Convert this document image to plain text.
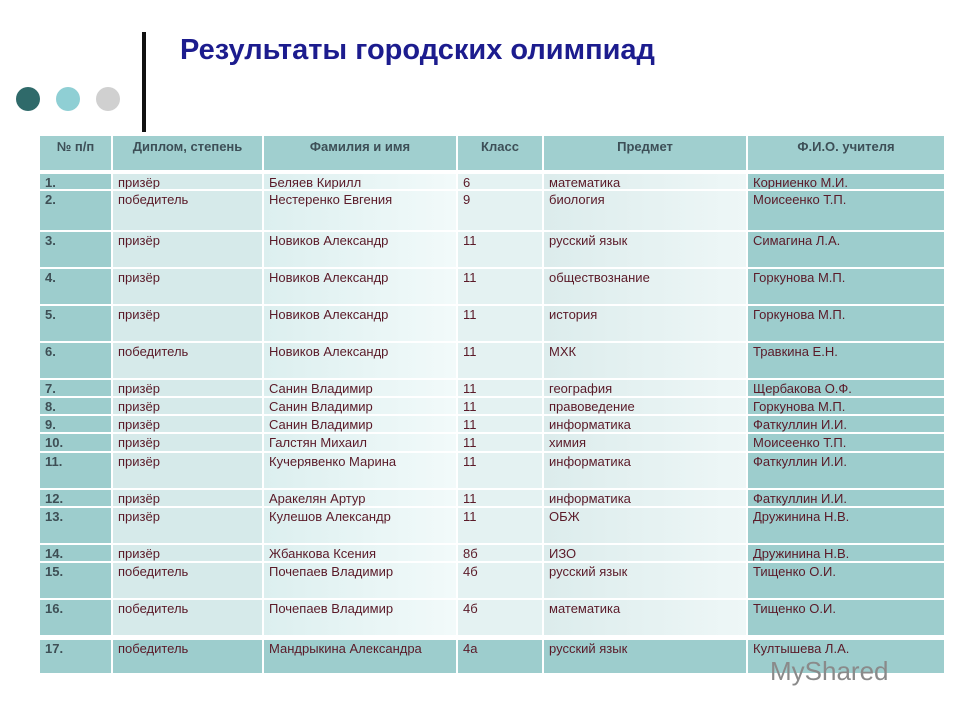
Результаты городских олимпиад
№ п/п	Диплом, степень	Фамилия и имя	Класс	Предмет	Ф.И.О. учителя
1.	призёр	Беляев Кирилл	6	математика	Корниенко М.И.
2.	победитель	Нестеренко Евгения	9	биология	Моисеенко Т.П.
3.	призёр	Новиков Александр	11	русский язык	Симагина Л.А.
4.	призёр	Новиков Александр	11	обществознание	Горкунова М.П.
5.	призёр	Новиков Александр	11	история	Горкунова М.П.
6.	победитель	Новиков Александр	11	МХК	Травкина Е.Н.
7.	призёр	Санин Владимир	11	география	Щербакова О.Ф.
8.	призёр	Санин Владимир	11	правоведение	Горкунова М.П.
9.	призёр	Санин Владимир	11	информатика	Фаткуллин И.И.
10.	призёр	Галстян Михаил	11	химия	Моисеенко Т.П.
11.	призёр	Кучерявенко Марина	11	информатика	Фаткуллин И.И.
12.	призёр	Аракелян Артур	11	информатика	Фаткуллин И.И.
13.	призёр	Кулешов Александр	11	ОБЖ	Дружинина Н.В.
14.	призёр	Жбанкова Ксения	8б	ИЗО	Дружинина Н.В.
15.	победитель	Почепаев Владимир	4б	русский язык	Тищенко О.И.
16.	победитель	Почепаев Владимир	4б	математика	Тищенко О.И.
17.	победитель	Мандрыкина Александра	4а	русский язык	Култышева Л.А.
MyShared
